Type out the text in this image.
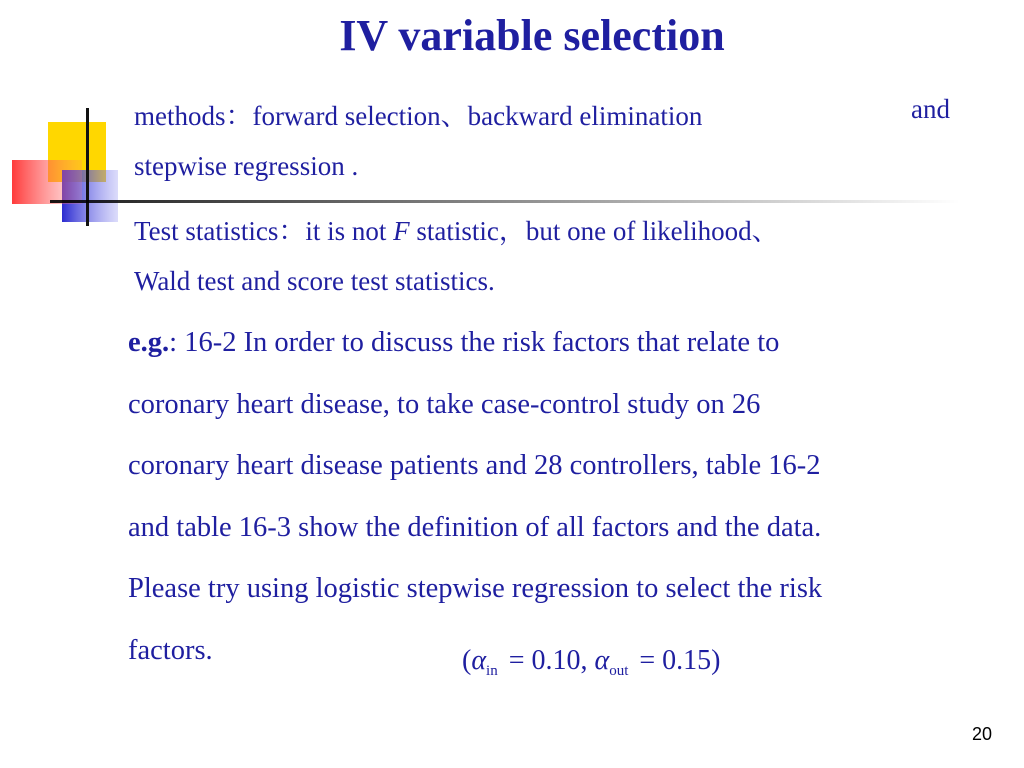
IV variable selection
methods：forward selection、backward elimination	and
stepwise regression .
Test statistics：it is not F statistic，but one of likelihood、
Wald test and score test statistics.
e.g.: 16-2 In order to discuss the risk factors that relate to
coronary heart disease, to take case-control study on 26
coronary heart disease patients and 28 controllers, table 16-2
and table 16-3 show the definition of all factors and the data.
Please try using logistic stepwise regression to select the risk
factors.	($\alpha_{in} = 0.10$, $\alpha_{out} = 0.15$)
20
